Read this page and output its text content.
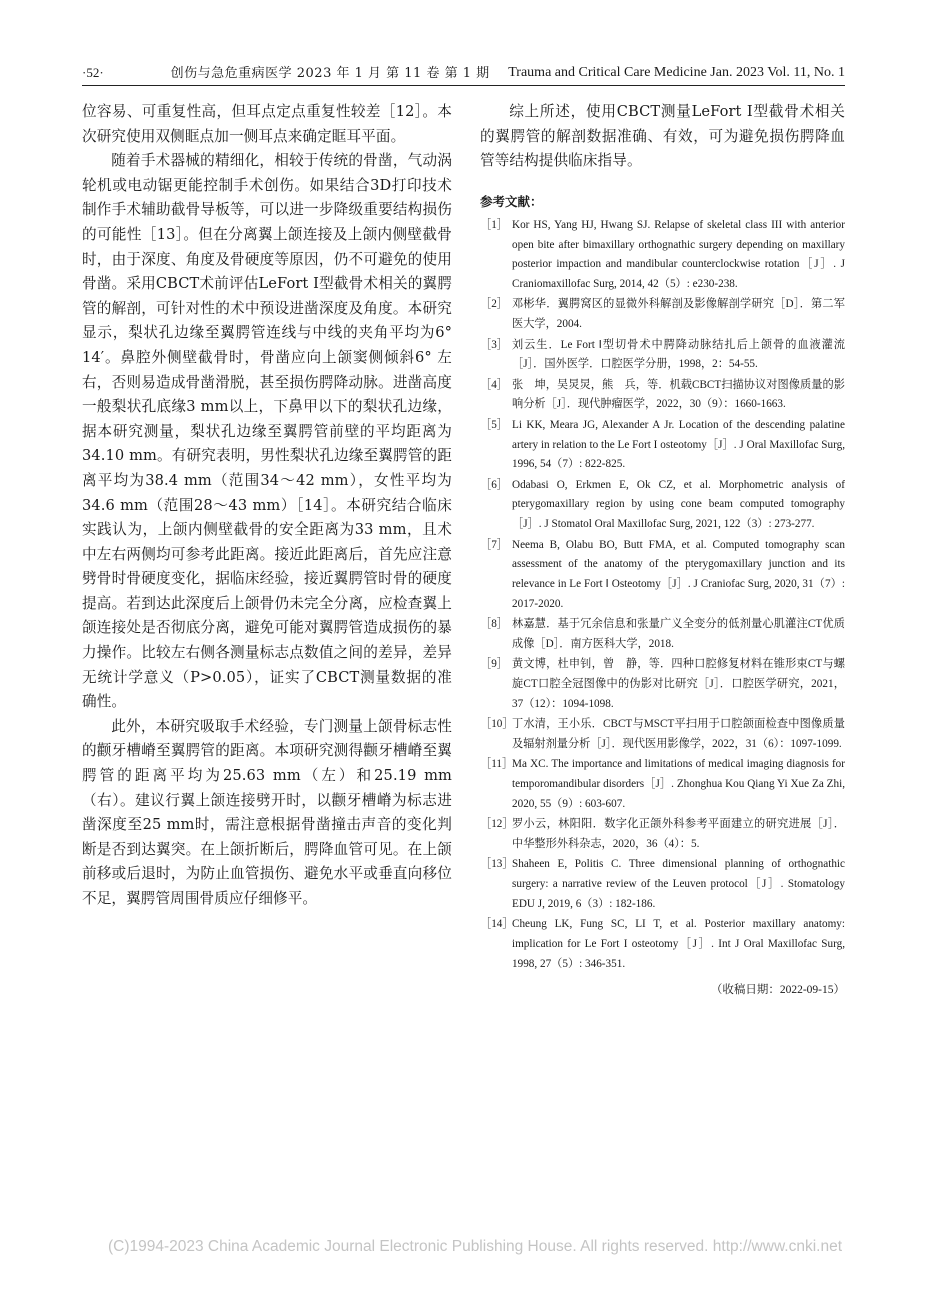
·52·	创伤与急危重病医学 2023 年 1 月 第 11 卷 第 1 期 Trauma and Critical Care Medicine Jan. 2023 Vol. 11, No. 1

位容易、可重复性高，但耳点定点重复性较差［12］。本次研究使用双侧眶点加一侧耳点来确定眶耳平面。

随着手术器械的精细化，相较于传统的骨凿，气动涡轮机或电动锯更能控制手术创伤。如果结合3D打印技术制作手术辅助截骨导板等，可以进一步降级重要结构损伤的可能性［13］。但在分离翼上颌连接及上颌内侧壁截骨时，由于深度、角度及骨硬度等原因，仍不可避免的使用骨凿。采用CBCT术前评估LeFort Ⅰ型截骨术相关的翼腭管的解剖，可针对性的术中预设进凿深度及角度。本研究显示，梨状孔边缘至翼腭管连线与中线的夹角平均为6° 14′。鼻腔外侧壁截骨时，骨凿应向上颌窦侧倾斜6° 左右，否则易造成骨凿滑脱，甚至损伤腭降动脉。进凿高度一般梨状孔底缘3 mm以上，下鼻甲以下的梨状孔边缘，据本研究测量，梨状孔边缘至翼腭管前壁的平均距离为34.10 mm。有研究表明，男性梨状孔边缘至翼腭管的距离平均为38.4 mm（范围34～42 mm），女性平均为34.6 mm（范围28～43 mm）［14］。本研究结合临床实践认为，上颌内侧壁截骨的安全距离为33 mm，且术中左右两侧均可参考此距离。接近此距离后，首先应注意劈骨时骨硬度变化，据临床经验，接近翼腭管时骨的硬度提高。若到达此深度后上颌骨仍未完全分离，应检查翼上颌连接处是否彻底分离，避免可能对翼腭管造成损伤的暴力操作。比较左右侧各测量标志点数值之间的差异，差异无统计学意义（P>0.05），证实了CBCT测量数据的准确性。

此外，本研究吸取手术经验，专门测量上颌骨标志性的颧牙槽嵴至翼腭管的距离。本项研究测得颧牙槽嵴至翼腭管的距离平均为25.63 mm（左）和25.19 mm（右）。建议行翼上颌连接劈开时，以颧牙槽嵴为标志进凿深度至25 mm时，需注意根据骨凿撞击声音的变化判断是否到达翼突。在上颌折断后，腭降血管可见。在上颌前移或后退时，为防止血管损伤、避免水平或垂直向移位不足，翼腭管周围骨质应仔细修平。

综上所述，使用CBCT测量LeFort Ⅰ型截骨术相关的翼腭管的解剖数据准确、有效，可为避免损伤腭降血管等结构提供临床指导。

参考文献：
［1］ Kor HS, Yang HJ, Hwang SJ. Relapse of skeletal class III with anterior open bite after bimaxillary orthognathic surgery depending on maxillary posterior impaction and mandibular counterclockwise rotation［J］. J Craniomaxillofac Surg, 2014, 42（5）: e230-238.
［2］ 邓彬华．翼腭窝区的显微外科解剖及影像解剖学研究［D］．第二军医大学，2004.
［3］ 刘云生．Le Fort Ⅰ型切骨术中腭降动脉结扎后上颌骨的血液灌流［J］．国外医学．口腔医学分册，1998，2：54-55.
［4］ 张　坤，吴炅炅，熊　兵，等．机载CBCT扫描协议对图像质量的影响分析［J］．现代肿瘤医学，2022，30（9）：1660-1663.
［5］ Li KK, Meara JG, Alexander A Jr. Location of the descending palatine artery in relation to the Le Fort I osteotomy［J］. J Oral Maxillofac Surg, 1996, 54（7）: 822-825.
［6］ Odabasi O, Erkmen E, Ok CZ, et al. Morphometric analysis of pterygomaxillary region by using cone beam computed tomography［J］. J Stomatol Oral Maxillofac Surg, 2021, 122（3）: 273-277.
［7］ Neema B, Olabu BO, Butt FMA, et al. Computed tomography scan assessment of the anatomy of the pterygomaxillary junction and its relevance in Le Fort Ⅰ Osteotomy［J］. J Craniofac Surg, 2020, 31（7）: 2017-2020.
［8］ 林嘉慧．基于冗余信息和张量广义全变分的低剂量心肌灌注CT优质成像［D］．南方医科大学，2018.
［9］ 黄文博，杜申钊，曾　静，等．四种口腔修复材料在锥形束CT与螺旋CT口腔全冠图像中的伪影对比研究［J］．口腔医学研究，2021，37（12）：1094-1098.
［10］
丁水清，王小乐．CBCT与MSCT平扫用于口腔颌面检查中图像质量及辐射剂量分析［J］．现代医用影像学，2022，31（6）：1097-1099.
［11］
Ma XC. The importance and limitations of medical imaging diagnosis for temporomandibular disorders［J］. Zhonghua Kou Qiang Yi Xue Za Zhi, 2020, 55（9）: 603-607.
［12］
罗小云，林阳阳．数字化正颌外科参考平面建立的研究进展［J］．中华整形外科杂志，2020，36（4）：5.
［13］
Shaheen E, Politis C. Three dimensional planning of orthognathic surgery: a narrative review of the Leuven protocol［J］. Stomatology EDU J, 2019, 6（3）: 182-186.
［14］
Cheung LK, Fung SC, LI T, et al. Posterior maxillary anatomy: implication for Le Fort I osteotomy［J］. Int J Oral Maxillofac Surg, 1998, 27（5）: 346-351.
（收稿日期：2022-09-15）
(C)1994-2023 China Academic Journal Electronic Publishing House. All rights reserved. http://www.cnki.net
